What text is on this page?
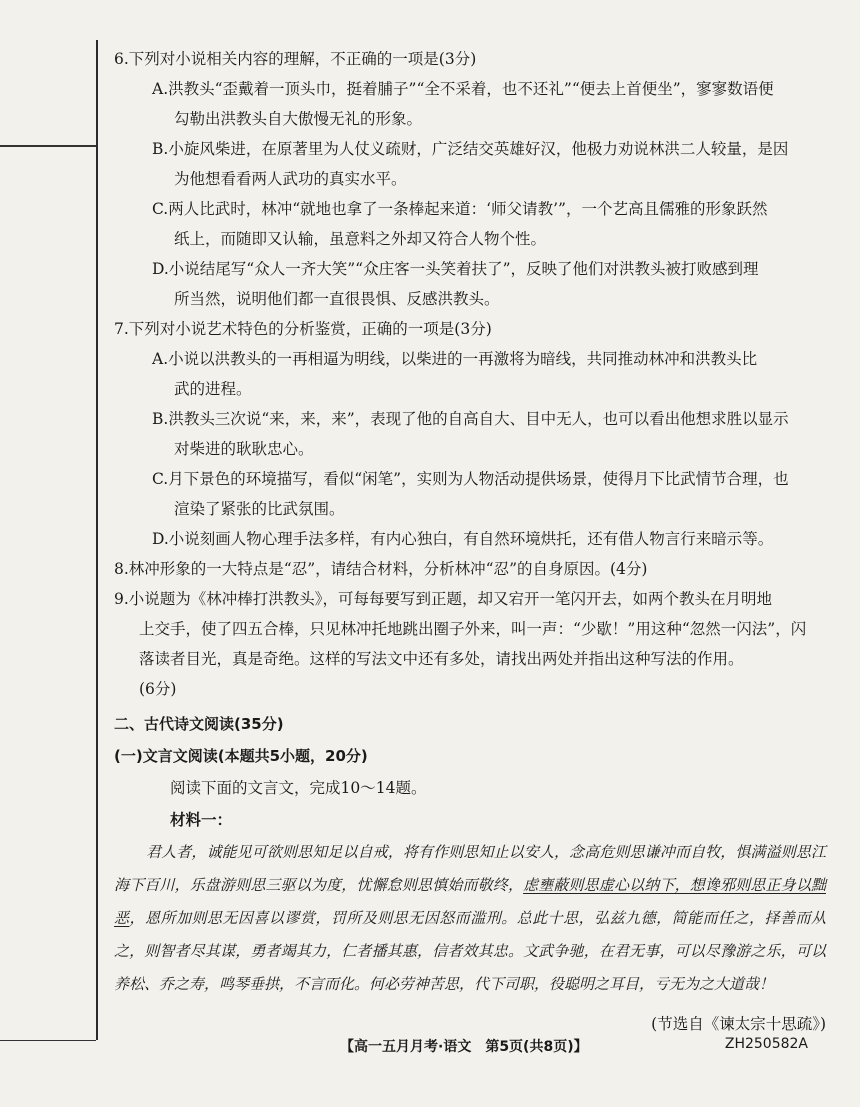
6.下列对小说相关内容的理解，不正确的一项是(3分)
A.洪教头“歪戴着一顶头巾，挺着脯子”“全不采着，也不还礼”“便去上首便坐”，寥寥数语便
勾勒出洪教头自大傲慢无礼的形象。
B.小旋风柴进，在原著里为人仗义疏财，广泛结交英雄好汉，他极力劝说林洪二人较量，是因
为他想看看两人武功的真实水平。
C.两人比武时，林冲“就地也拿了一条棒起来道：‘师父请教’”，一个艺高且儒雅的形象跃然
纸上，而随即又认输，虽意料之外却又符合人物个性。
D.小说结尾写“众人一齐大笑”“众庄客一头笑着扶了”，反映了他们对洪教头被打败感到理
所当然，说明他们都一直很畏惧、反感洪教头。
7.下列对小说艺术特色的分析鉴赏，正确的一项是(3分)
A.小说以洪教头的一再相逼为明线，以柴进的一再激将为暗线，共同推动林冲和洪教头比
武的进程。
B.洪教头三次说“来，来，来”，表现了他的自高自大、目中无人，也可以看出他想求胜以显示
对柴进的耿耿忠心。
C.月下景色的环境描写，看似“闲笔”，实则为人物活动提供场景，使得月下比武情节合理，也
渲染了紧张的比武氛围。
D.小说刻画人物心理手法多样，有内心独白，有自然环境烘托，还有借人物言行来暗示等。
8.林冲形象的一大特点是“忍”，请结合材料，分析林冲“忍”的自身原因。(4分)
9.小说题为《林冲棒打洪教头》，可每每要写到正题，却又宕开一笔闪开去，如两个教头在月明地
上交手，使了四五合棒，只见林冲托地跳出圈子外来，叫一声：“少歇！”用这种“忽然一闪法”，闪
落读者目光，真是奇绝。这样的写法文中还有多处，请找出两处并指出这种写法的作用。
(6分)
二、古代诗文阅读(35分)
(一)文言文阅读(本题共5小题，20分)
阅读下面的文言文，完成10～14题。
材料一：
君人者，诚能见可欲则思知足以自戒，将有作则思知止以安人，念高危则思谦冲而自牧，惧满溢则思江海下百川，乐盘游则思三驱以为度，忧懈怠则思慎始而敬终，虑壅蔽则思虚心以纳下，想谗邪则思正身以黜恶，恩所加则思无因喜以谬赏，罚所及则思无因怒而滥刑。总此十思，弘兹九德，简能而任之，择善而从之，则智者尽其谋，勇者竭其力，仁者播其惠，信者效其忠。文武争驰，在君无事，可以尽豫游之乐，可以养松、乔之寿，鸣琴垂拱，不言而化。何必劳神苦思，代下司职，役聪明之耳目，亏无为之大道哉！
(节选自《谏太宗十思疏》)
【高一五月月考·语文　第5页(共8页)】	ZH250582A
